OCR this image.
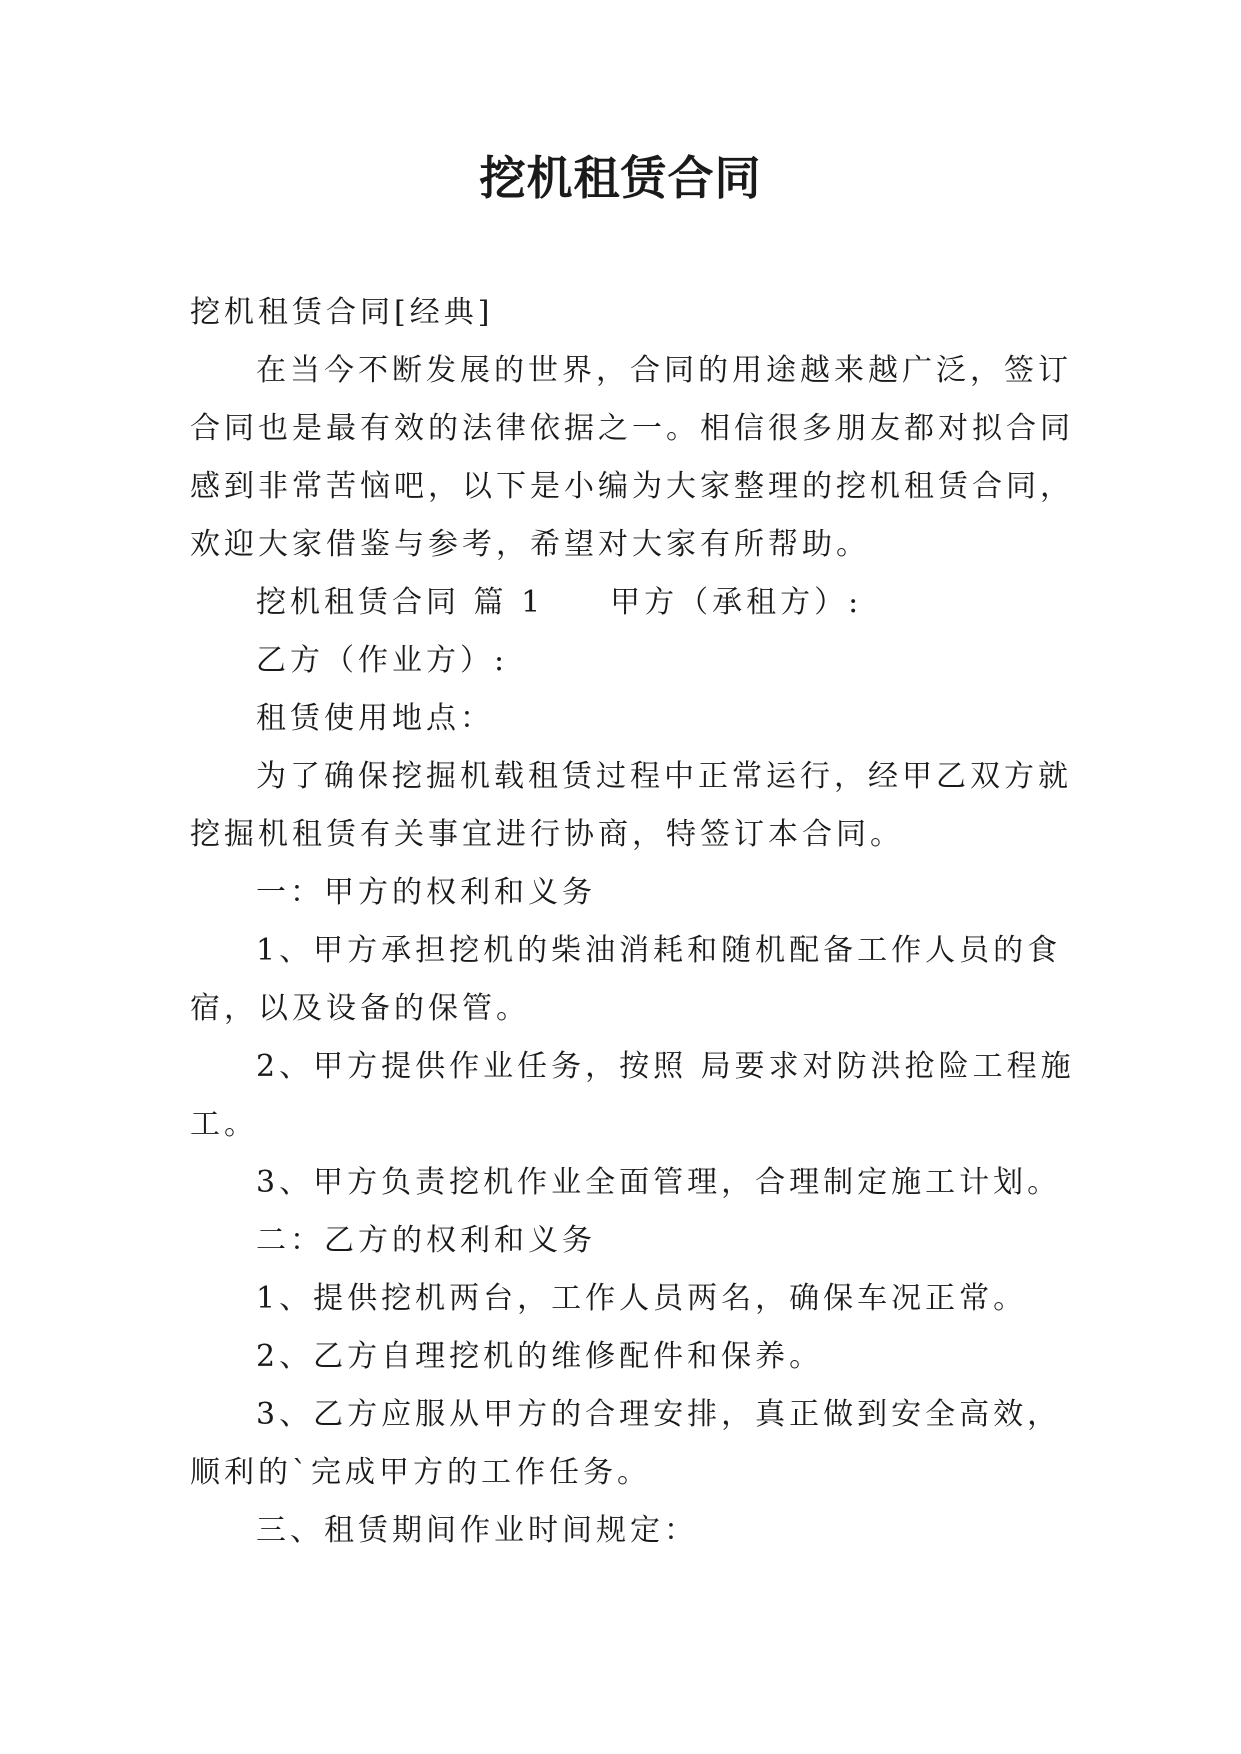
挖机租赁合同

挖机租赁合同[经典]

在当今不断发展的世界，合同的用途越来越广泛，签订

合同也是最有效的法律依据之一。相信很多朋友都对拟合同

感到非常苦恼吧，以下是小编为大家整理的挖机租赁合同，

欢迎大家借鉴与参考，希望对大家有所帮助。

挖机租赁合同 篇 1 甲方（承租方）:

乙方（作业方）:

租赁使用地点：

为了确保挖掘机载租赁过程中正常运行，经甲乙双方就

挖掘机租赁有关事宜进行协商，特签订本合同。

一：甲方的权利和义务

1、甲方承担挖机的柴油消耗和随机配备工作人员的食

宿，以及设备的保管。

2、甲方提供作业任务，按照 局要求对防洪抢险工程施

工。

3、甲方负责挖机作业全面管理，合理制定施工计划。

二：乙方的权利和义务

1、提供挖机两台，工作人员两名，确保车况正常。

2、乙方自理挖机的维修配件和保养。

3、乙方应服从甲方的合理安排，真正做到安全高效，

顺利的`完成甲方的工作任务。

三、租赁期间作业时间规定：
